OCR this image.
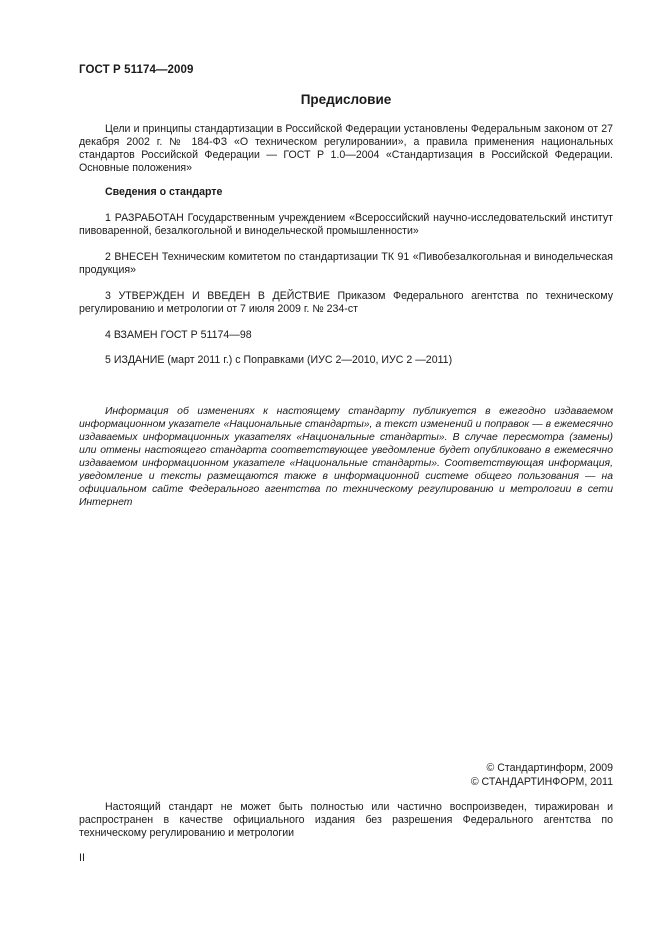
ГОСТ Р 51174—2009
Предисловие
Цели и принципы стандартизации в Российской Федерации установлены Федеральным законом от 27 декабря 2002 г. № 184-ФЗ «О техническом регулировании», а правила применения национальных стандартов Российской Федерации — ГОСТ Р 1.0—2004 «Стандартизация в Российской Федерации. Основные положения»
Сведения о стандарте
1 РАЗРАБОТАН Государственным учреждением «Всероссийский научно-исследовательский институт пивоваренной, безалкогольной и винодельческой промышленности»
2 ВНЕСЕН Техническим комитетом по стандартизации ТК 91 «Пивобезалкогольная и винодельческая продукция»
3 УТВЕРЖДЕН И ВВЕДЕН В ДЕЙСТВИЕ Приказом Федерального агентства по техническому регулированию и метрологии от 7 июля 2009 г. № 234-ст
4 ВЗАМЕН ГОСТ Р 51174—98
5 ИЗДАНИЕ (март 2011 г.) с Поправками (ИУС 2—2010, ИУС 2 —2011)
Информация об изменениях к настоящему стандарту публикуется в ежегодно издаваемом информационном указателе «Национальные стандарты», а текст изменений и поправок — в ежемесячно издаваемых информационных указателях «Национальные стандарты». В случае пересмотра (замены) или отмены настоящего стандарта соответствующее уведомление будет опубликовано в ежемесячно издаваемом информационном указателе «Национальные стандарты». Соответствующая информация, уведомление и тексты размещаются также в информационной системе общего пользования — на официальном сайте Федерального агентства по техническому регулированию и метрологии в сети Интернет
© Стандартинформ, 2009
© СТАНДАРТИНФОРМ, 2011
Настоящий стандарт не может быть полностью или частично воспроизведен, тиражирован и распространен в качестве официального издания без разрешения Федерального агентства по техническому регулированию и метрологии
II
